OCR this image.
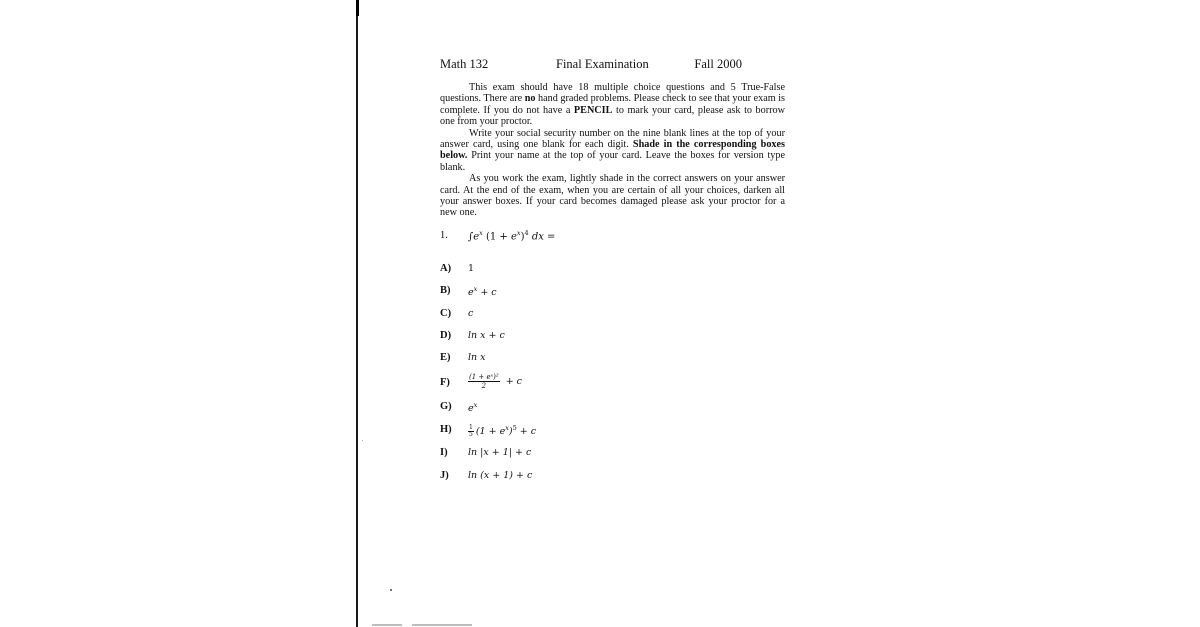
Math 132	Final Examination	Fall 2000

This exam should have 18 multiple choice questions and 5 True-False questions. There are no hand graded problems. Please check to see that your exam is complete. If you do not have a PENCIL to mark your card, please ask to borrow one from your proctor.

Write your social security number on the nine blank lines at the top of your answer card, using one blank for each digit. Shade in the corresponding boxes below. Print your name at the top of your card. Leave the boxes for version type blank.

As you work the exam, lightly shade in the correct answers on your answer card. At the end of the exam, when you are certain of all your choices, darken all your answer boxes. If your card becomes damaged please ask your proctor for a new one.

1. $\int e^x$ $(1 + e^x)^4$ dx =
A) 1
B) $e^x + c$
C) c
D) ln x + c
E) ln x
F)	$\frac{\text{(1 + eˣ)²}}{2} + c$
G) $e^x$
H)	$\frac{1}{5} (1 + e^x)^5 + c$
I) ln |x + 1| + c
J) ln (x + 1) + c
